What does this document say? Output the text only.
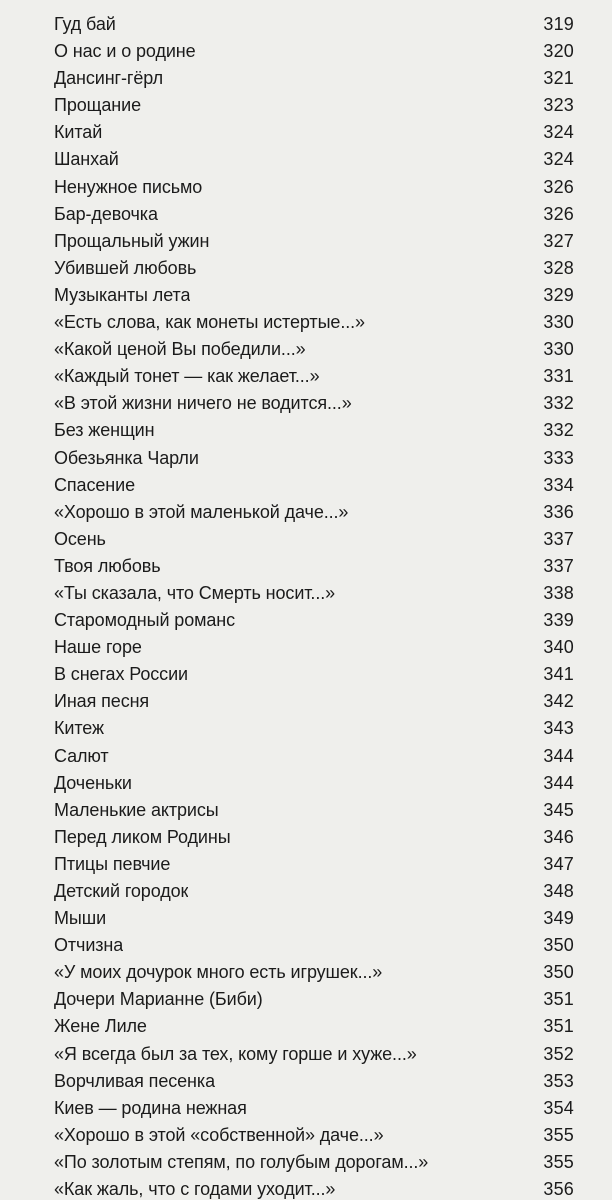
Гуд бай	319
О нас и о родине	320
Дансинг-гёрл	321
Прощание	323
Китай	324
Шанхай	324
Ненужное письмо	326
Бар-девочка	326
Прощальный ужин	327
Убившей любовь	328
Музыканты лета	329
«Есть слова, как монеты истертые...»	330
«Какой ценой Вы победили...»	330
«Каждый тонет — как желает...»	331
«В этой жизни ничего не водится...»	332
Без женщин	332
Обезьянка Чарли	333
Спасение	334
«Хорошо в этой маленькой даче...»	336
Осень	337
Твоя любовь	337
«Ты сказала, что Смерть носит...»	338
Старомодный романс	339
Наше горе	340
В снегах России	341
Иная песня	342
Китеж	343
Салют	344
Доченьки	344
Маленькие актрисы	345
Перед ликом Родины	346
Птицы певчие	347
Детский городок	348
Мыши	349
Отчизна	350
«У моих дочурок много есть игрушек...»	350
Дочери Марианне (Биби)	351
Жене Лиле	351
«Я всегда был за тех, кому горше и хуже...»	352
Ворчливая песенка	353
Киев — родина нежная	354
«Хорошо в этой «собственной» даче...»	355
«По золотым степям, по голубым дорогам...»	355
«Как жаль, что с годами уходит...»	356
